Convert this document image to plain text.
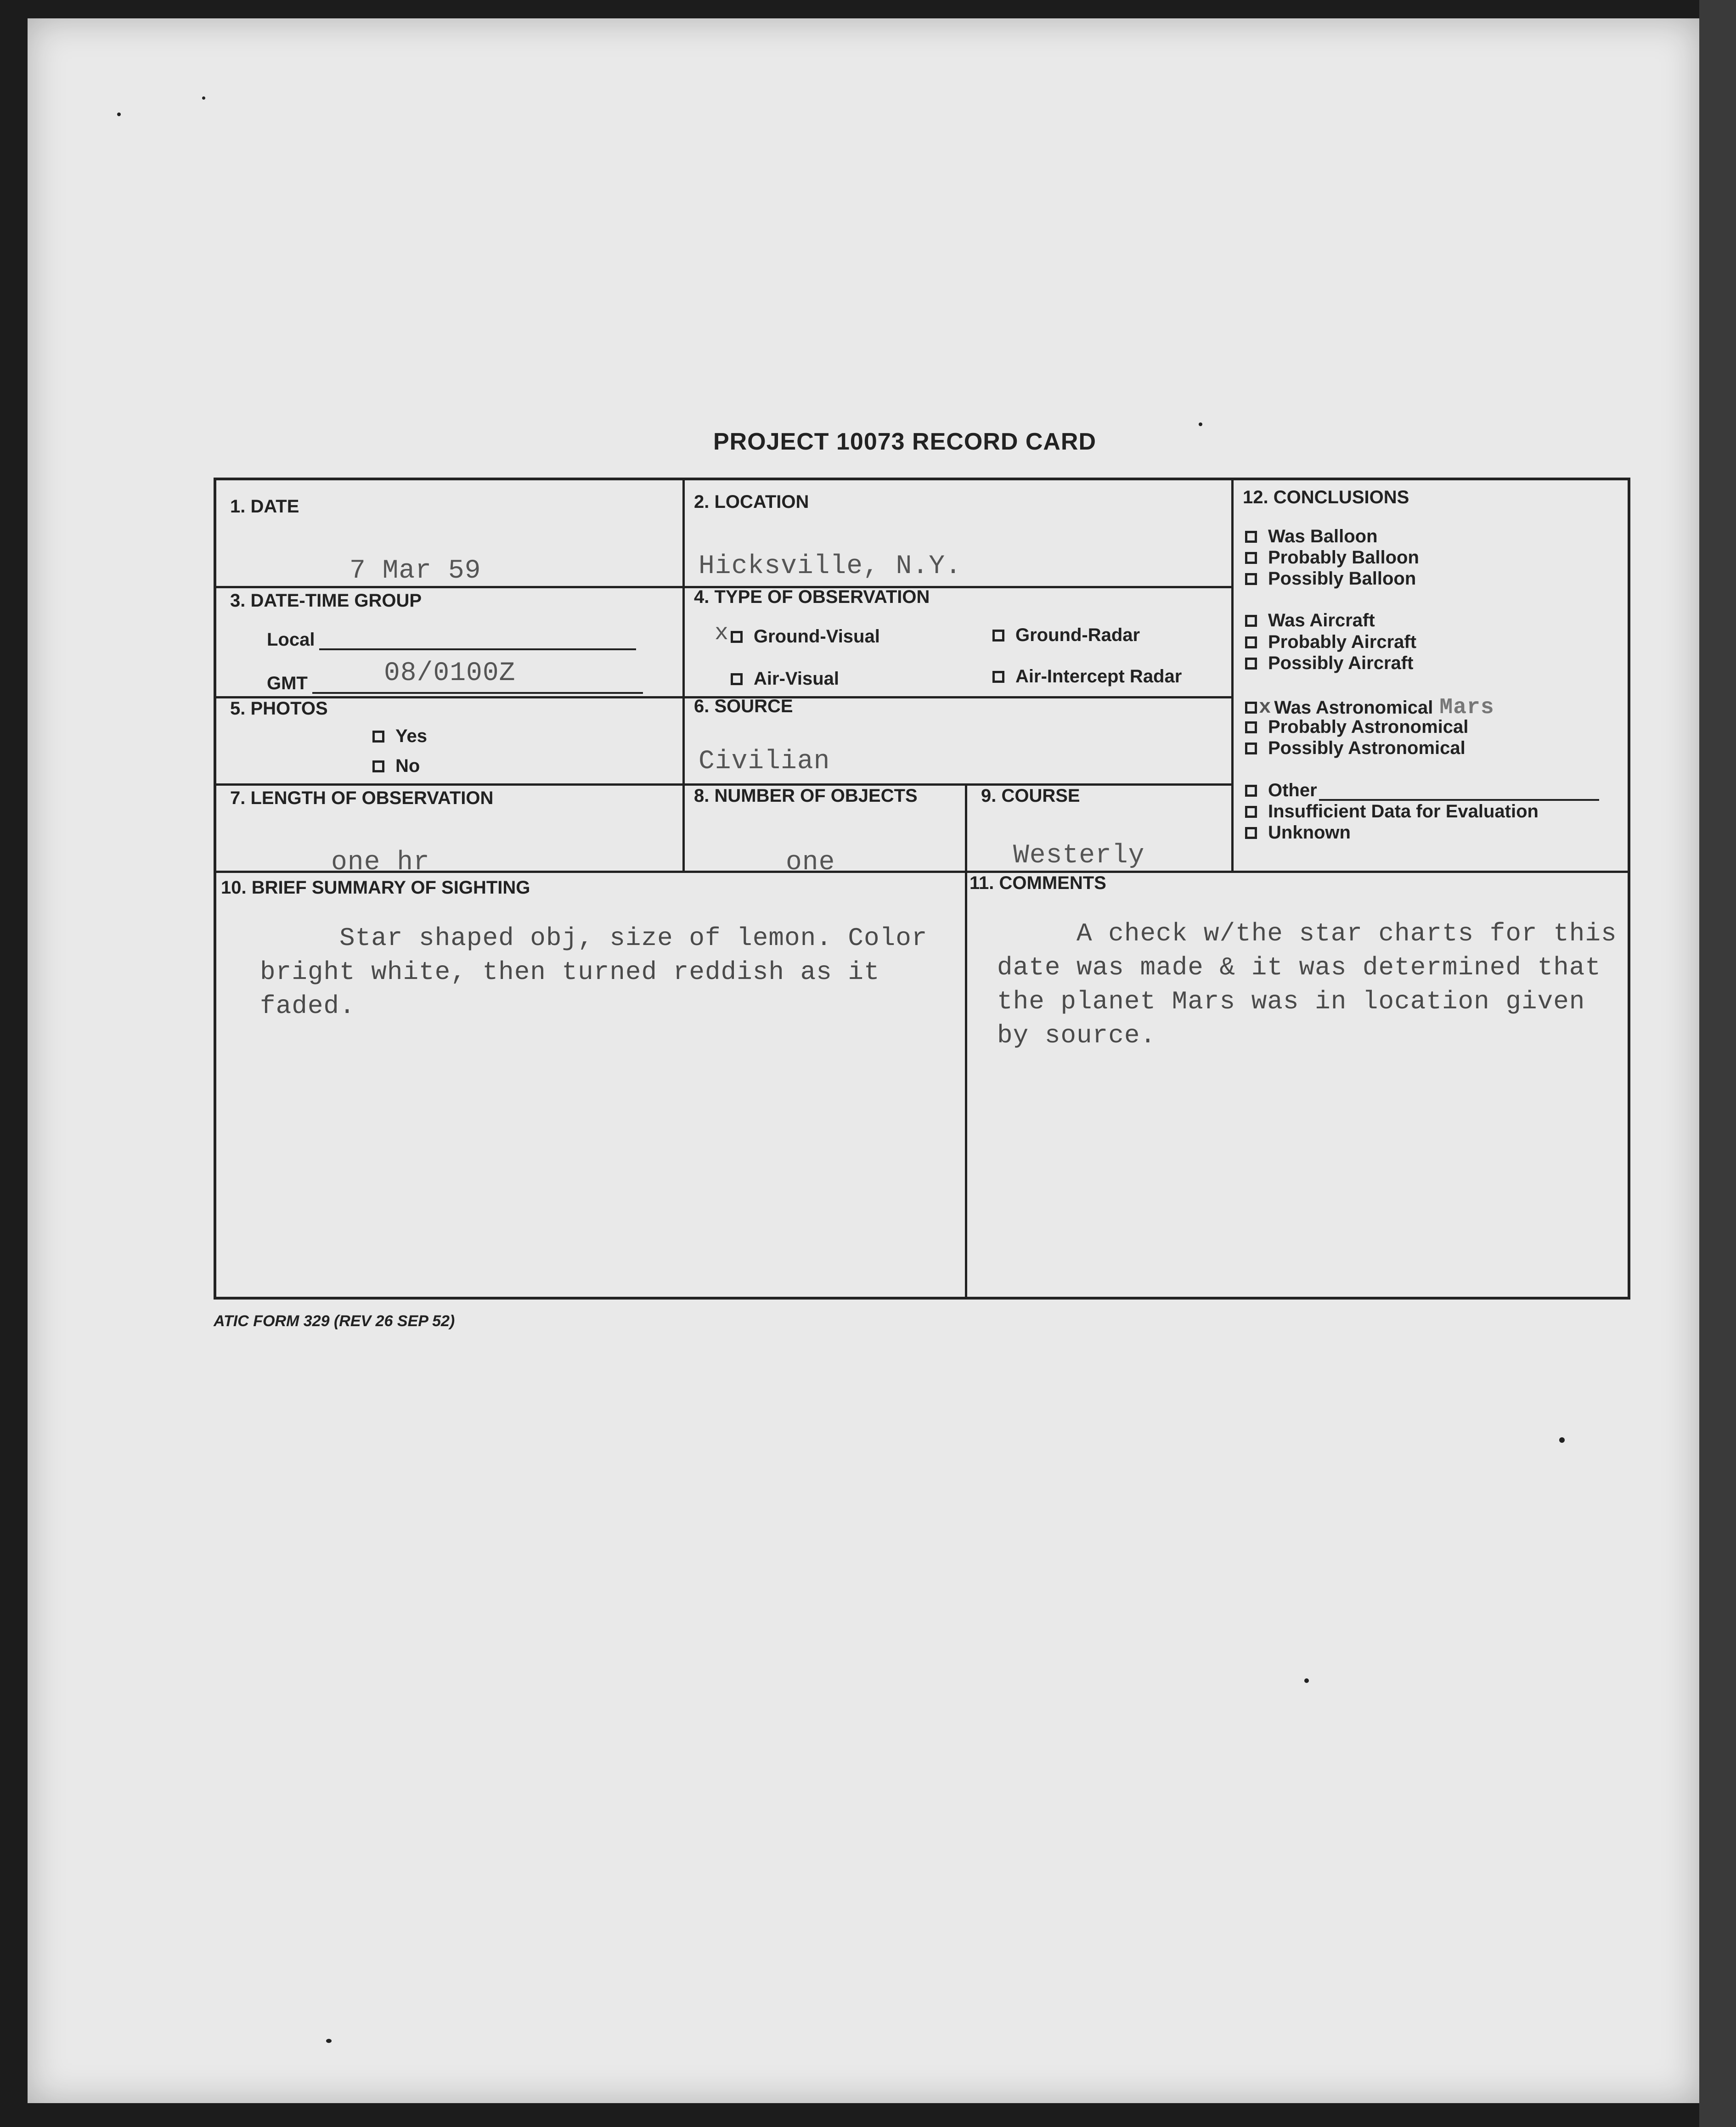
PROJECT 10073 RECORD CARD
1. DATE
7 Mar 59
2. LOCATION
Hicksville, N.Y.
3. DATE-TIME GROUP
Local
GMT	08/0100Z
4. TYPE OF OBSERVATION
x Ground-Visual	Ground-Radar
Air-Visual	Air-Intercept Radar
5. PHOTOS
Yes
No
6. SOURCE
Civilian
7. LENGTH OF OBSERVATION
one hr
8. NUMBER OF OBJECTS
one
9. COURSE
Westerly
10. BRIEF SUMMARY OF SIGHTING
Star shaped obj, size of lemon. Color
bright white, then turned reddish as it
faded.
11. COMMENTS
A check w/the star charts for this
date was made & it was determined that
the planet Mars was in location given
by source.
12. CONCLUSIONS
Was Balloon
Probably Balloon
Possibly Balloon
Was Aircraft
Probably Aircraft
Possibly Aircraft
x Was Astronomical Mars
Probably Astronomical
Possibly Astronomical
Other
Insufficient Data for Evaluation
Unknown
ATIC FORM 329 (REV 26 SEP 52)
